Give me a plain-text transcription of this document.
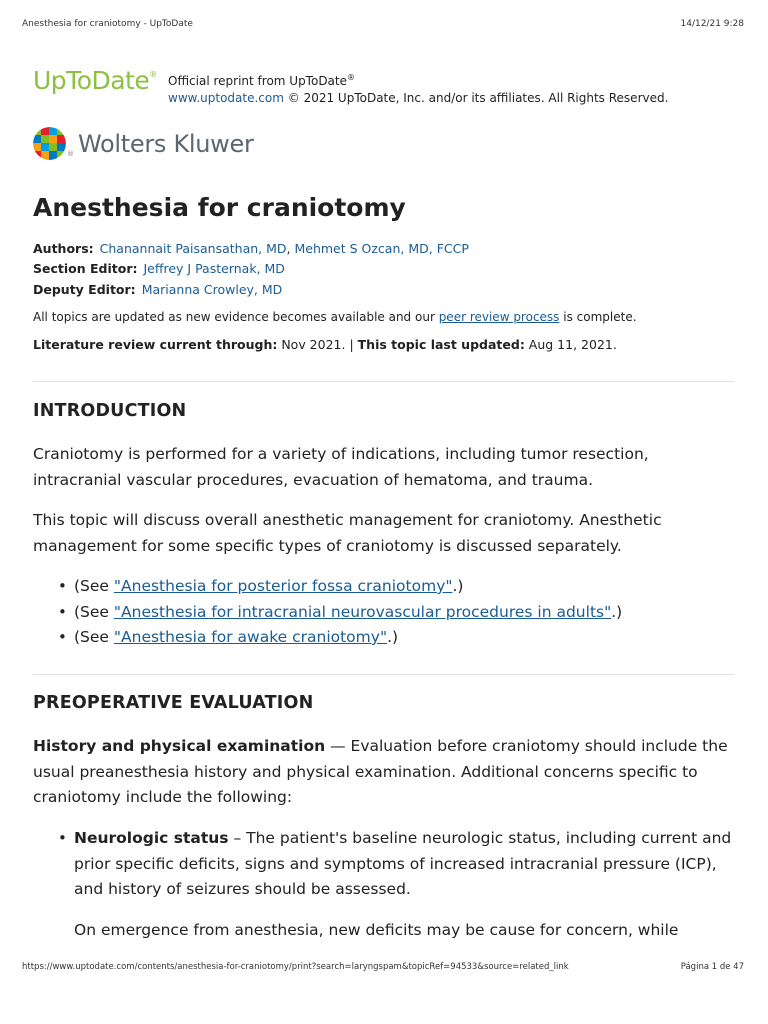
Anesthesia for craniotomy - UpToDate	14/12/21 9:28
UpToDate® Official reprint from UpToDate®
www.uptodate.com © 2021 UpToDate, Inc. and/or its affiliates. All Rights Reserved.
® Wolters Kluwer
Anesthesia for craniotomy
Authors: Chanannait Paisansathan, MD, Mehmet S Ozcan, MD, FCCP
Section Editor: Jeffrey J Pasternak, MD
Deputy Editor: Marianna Crowley, MD
All topics are updated as new evidence becomes available and our peer review process is complete.
Literature review current through: Nov 2021. | This topic last updated: Aug 11, 2021.
INTRODUCTION

Craniotomy is performed for a variety of indications, including tumor resection, intracranial vascular procedures, evacuation of hematoma, and trauma.

This topic will discuss overall anesthetic management for craniotomy. Anesthetic management for some specific types of craniotomy is discussed separately.

• (See "Anesthesia for posterior fossa craniotomy".)
• (See "Anesthesia for intracranial neurovascular procedures in adults".)
• (See "Anesthesia for awake craniotomy".)
PREOPERATIVE EVALUATION

History and physical examination — Evaluation before craniotomy should include the usual preanesthesia history and physical examination. Additional concerns specific to craniotomy include the following:

• Neurologic status – The patient's baseline neurologic status, including current and prior specific deficits, signs and symptoms of increased intracranial pressure (ICP), and history of seizures should be assessed.

On emergence from anesthesia, new deficits may be cause for concern, while

https://www.uptodate.com/contents/anesthesia-for-craniotomy/print?search=laryngspam&topicRef=94533&source=related_link	Página 1 de 47
